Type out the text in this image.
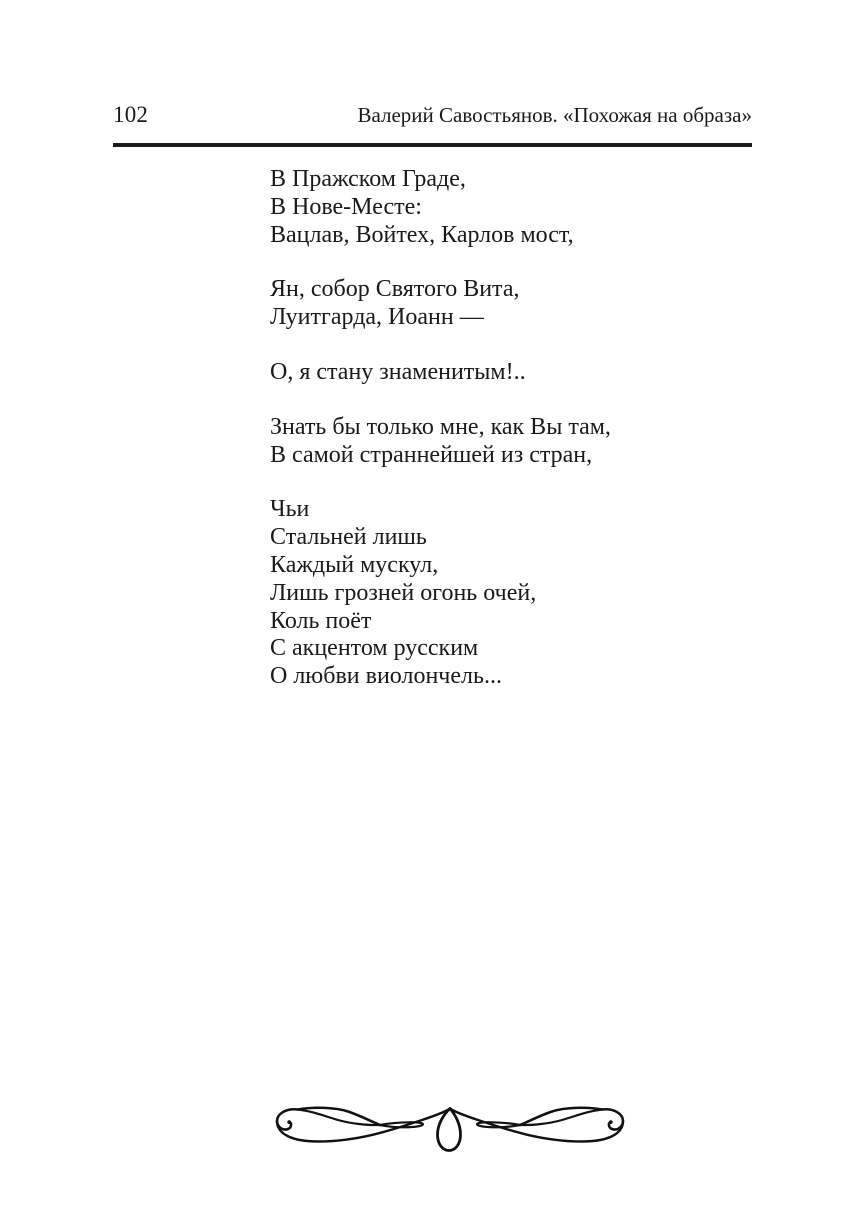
102	Валерий Савостьянов. «Похожая на образа»
В Пражском Граде,
В Нове-Месте:
Вацлав, Войтех, Карлов мост,
Ян, собор Святого Вита,
Луитгарда, Иоанн —
О, я стану знаменитым!..
Знать бы только мне, как Вы там,
В самой страннейшей из стран,
Чьи
Стальней лишь
Каждый мускул,
Лишь грозней огонь очей,
Коль поёт
С акцентом русским
О любви виолончель...
